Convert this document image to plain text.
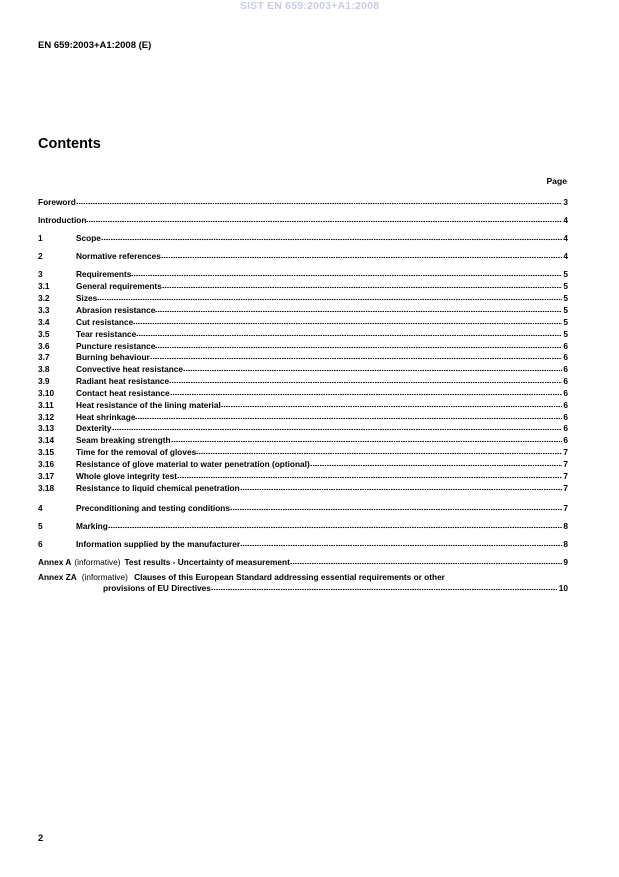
SIST EN 659:2003+A1:2008
EN 659:2003+A1:2008 (E)
Contents
Page
Foreword	3
Introduction	4
1	Scope	4
2	Normative references	4
3	Requirements	5
3.1	General requirements	5
3.2	Sizes	5
3.3	Abrasion resistance	5
3.4	Cut resistance	5
3.5	Tear resistance	5
3.6	Puncture resistance	6
3.7	Burning behaviour	6
3.8	Convective heat resistance	6
3.9	Radiant heat resistance	6
3.10	Contact heat resistance	6
3.11	Heat resistance of the lining material	6
3.12	Heat shrinkage	6
3.13	Dexterity	6
3.14	Seam breaking strength	6
3.15	Time for the removal of gloves	7
3.16	Resistance of glove material to water penetration (optional)	7
3.17	Whole glove integrity test	7
3.18	Resistance to liquid chemical penetration	7
4	Preconditioning and testing conditions	7
5	Marking	8
6	Information supplied by the manufacturer	8
Annex A (informative) Test results - Uncertainty of measurement	9
Annex ZA (informative) Clauses of this European Standard addressing essential requirements or other
provisions of EU Directives	10
2
